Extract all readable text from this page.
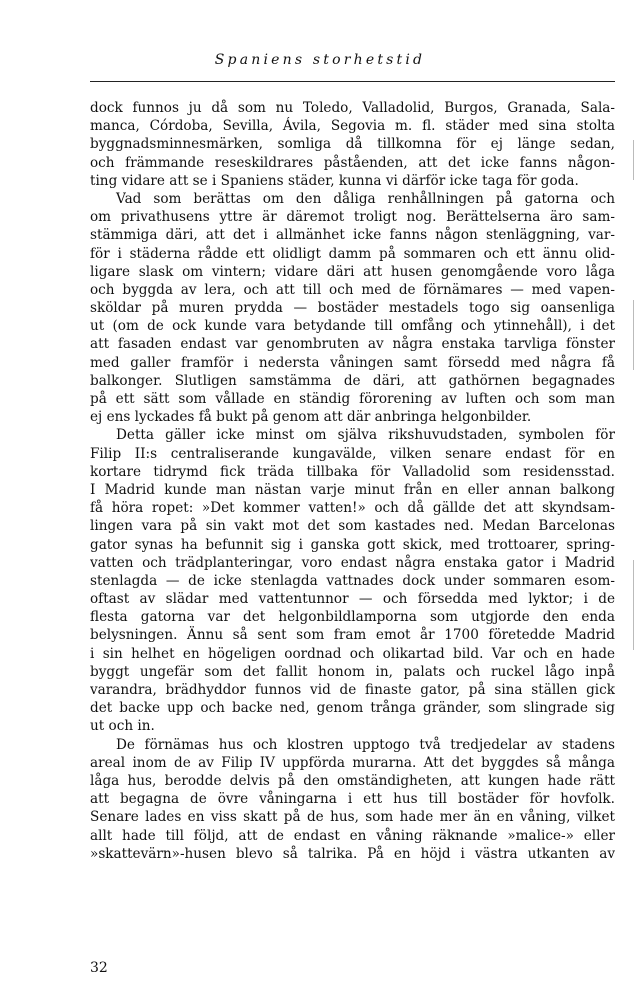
Spaniens storhetstid
dock funnos ju då som nu Toledo, Valladolid, Burgos, Granada, Sala-
manca, Córdoba, Sevilla, Ávila, Segovia m. fl. städer med sina stolta
byggnadsminnesmärken, somliga då tillkomna för ej länge sedan,
och främmande reseskildrares påståenden, att det icke fanns någon-
ting vidare att se i Spaniens städer, kunna vi därför icke taga för goda.
Vad som berättas om den dåliga renhållningen på gatorna och
om privathusens yttre är däremot troligt nog. Berättelserna äro sam-
stämmiga däri, att det i allmänhet icke fanns någon stenläggning, var-
för i städerna rådde ett olidligt damm på sommaren och ett ännu olid-
ligare slask om vintern; vidare däri att husen genomgående voro låga
och byggda av lera, och att till och med de förnämares — med vapen-
sköldar på muren prydda — bostäder mestadels togo sig oansenliga
ut (om de ock kunde vara betydande till omfång och ytinnehåll), i det
att fasaden endast var genombruten av några enstaka tarvliga fönster
med galler framför i nedersta våningen samt försedd med några få
balkonger. Slutligen samstämma de däri, att gathörnen begagnades
på ett sätt som vållade en ständig förorening av luften och som man
ej ens lyckades få bukt på genom att där anbringa helgonbilder.
Detta gäller icke minst om själva rikshuvudstaden, symbolen för
Filip II:s centraliserande kungavälde, vilken senare endast för en
kortare tidrymd fick träda tillbaka för Valladolid som residensstad.
I Madrid kunde man nästan varje minut från en eller annan balkong
få höra ropet: »Det kommer vatten!» och då gällde det att skyndsam-
lingen vara på sin vakt mot det som kastades ned. Medan Barcelonas
gator synas ha befunnit sig i ganska gott skick, med trottoarer, spring-
vatten och trädplanteringar, voro endast några enstaka gator i Madrid
stenlagda — de icke stenlagda vattnades dock under sommaren esom-
oftast av slädar med vattentunnor — och försedda med lyktor; i de
flesta gatorna var det helgonbildlamporna som utgjorde den enda
belysningen. Ännu så sent som fram emot år 1700 företedde Madrid
i sin helhet en högeligen oordnad och olikartad bild. Var och en hade
byggt ungefär som det fallit honom in, palats och ruckel lågo inpå
varandra, brädhyddor funnos vid de finaste gator, på sina ställen gick
det backe upp och backe ned, genom trånga gränder, som slingrade sig
ut och in.
De förnämas hus och klostren upptogo två tredjedelar av stadens
areal inom de av Filip IV uppförda murarna. Att det byggdes så många
låga hus, berodde delvis på den omständigheten, att kungen hade rätt
att begagna de övre våningarna i ett hus till bostäder för hovfolk.
Senare lades en viss skatt på de hus, som hade mer än en våning, vilket
allt hade till följd, att de endast en våning räknande »malice-» eller
»skattevärn»-husen blevo så talrika. På en höjd i västra utkanten av
32
